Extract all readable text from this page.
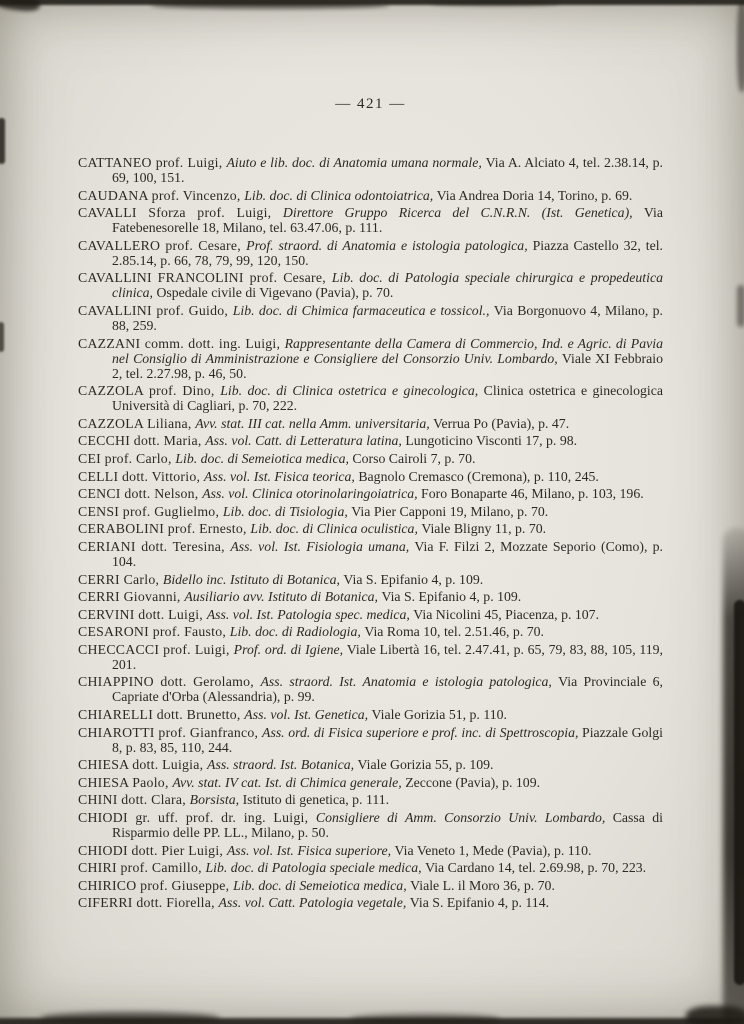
— 421 —

CATTANEO prof. Luigi, Aiuto e lib. doc. di Anatomia umana normale, Via A. Alciato 4, tel. 2.38.14, p. 69, 100, 151.

CAUDANA prof. Vincenzo, Lib. doc. di Clinica odontoiatrica, Via Andrea Doria 14, Torino, p. 69.

CAVALLI Sforza prof. Luigi, Direttore Gruppo Ricerca del C.N.R.N. (Ist. Genetica), Via Fatebenesorelle 18, Milano, tel. 63.47.06, p. 111.

CAVALLERO prof. Cesare, Prof. straord. di Anatomia e istologia patologica, Piazza Castello 32, tel. 2.85.14, p. 66, 78, 79, 99, 120, 150.

CAVALLINI FRANCOLINI prof. Cesare, Lib. doc. di Patologia speciale chirurgica e propedeutica clinica, Ospedale civile di Vigevano (Pavia), p. 70.

CAVALLINI prof. Guido, Lib. doc. di Chimica farmaceutica e tossicol., Via Borgonuovo 4, Milano, p. 88, 259.

CAZZANI comm. dott. ing. Luigi, Rappresentante della Camera di Commercio, Ind. e Agric. di Pavia nel Consiglio di Amministrazione e Consigliere del Consorzio Univ. Lombardo, Viale XI Febbraio 2, tel. 2.27.98, p. 46, 50.

CAZZOLA prof. Dino, Lib. doc. di Clinica ostetrica e ginecologica, Clinica ostetrica e ginecologica Università di Cagliari, p. 70, 222.

CAZZOLA Liliana, Avv. stat. III cat. nella Amm. universitaria, Verrua Po (Pavia), p. 47.

CECCHI dott. Maria, Ass. vol. Catt. di Letteratura latina, Lungoticino Visconti 17, p. 98.

CEI prof. Carlo, Lib. doc. di Semeiotica medica, Corso Cairoli 7, p. 70.

CELLI dott. Vittorio, Ass. vol. Ist. Fisica teorica, Bagnolo Cremasco (Cremona), p. 110, 245.

CENCI dott. Nelson, Ass. vol. Clinica otorinolaringoiatrica, Foro Bonaparte 46, Milano, p. 103, 196.

CENSI prof. Guglielmo, Lib. doc. di Tisiologia, Via Pier Capponi 19, Milano, p. 70.

CERABOLINI prof. Ernesto, Lib. doc. di Clinica oculistica, Viale Bligny 11, p. 70.

CERIANI dott. Teresina, Ass. vol. Ist. Fisiologia umana, Via F. Filzi 2, Mozzate Seporio (Como), p. 104.

CERRI Carlo, Bidello inc. Istituto di Botanica, Via S. Epifanio 4, p. 109.

CERRI Giovanni, Ausiliario avv. Istituto di Botanica, Via S. Epifanio 4, p. 109.

CERVINI dott. Luigi, Ass. vol. Ist. Patologia spec. medica, Via Nicolini 45, Piacenza, p. 107.

CESARONI prof. Fausto, Lib. doc. di Radiologia, Via Roma 10, tel. 2.51.46, p. 70.

CHECCACCI prof. Luigi, Prof. ord. di Igiene, Viale Libertà 16, tel. 2.47.41, p. 65, 79, 83, 88, 105, 119, 201.

CHIAPPINO dott. Gerolamo, Ass. straord. Ist. Anatomia e istologia patologica, Via Provinciale 6, Capriate d'Orba (Alessandria), p. 99.

CHIARELLI dott. Brunetto, Ass. vol. Ist. Genetica, Viale Gorizia 51, p. 110.

CHIAROTTI prof. Gianfranco, Ass. ord. di Fisica superiore e prof. inc. di Spettroscopia, Piazzale Golgi 8, p. 83, 85, 110, 244.

CHIESA dott. Luigia, Ass. straord. Ist. Botanica, Viale Gorizia 55, p. 109.

CHIESA Paolo, Avv. stat. IV cat. Ist. di Chimica generale, Zeccone (Pavia), p. 109.

CHINI dott. Clara, Borsista, Istituto di genetica, p. 111.

CHIODI gr. uff. prof. dr. ing. Luigi, Consigliere di Amm. Consorzio Univ. Lombardo, Cassa di Risparmio delle PP. LL., Milano, p. 50.

CHIODI dott. Pier Luigi, Ass. vol. Ist. Fisica superiore, Via Veneto 1, Mede (Pavia), p. 110.

CHIRI prof. Camillo, Lib. doc. di Patologia speciale medica, Via Cardano 14, tel. 2.69.98, p. 70, 223.

CHIRICO prof. Giuseppe, Lib. doc. di Semeiotica medica, Viale L. il Moro 36, p. 70.

CIFERRI dott. Fiorella, Ass. vol. Catt. Patologia vegetale, Via S. Epifanio 4, p. 114.
